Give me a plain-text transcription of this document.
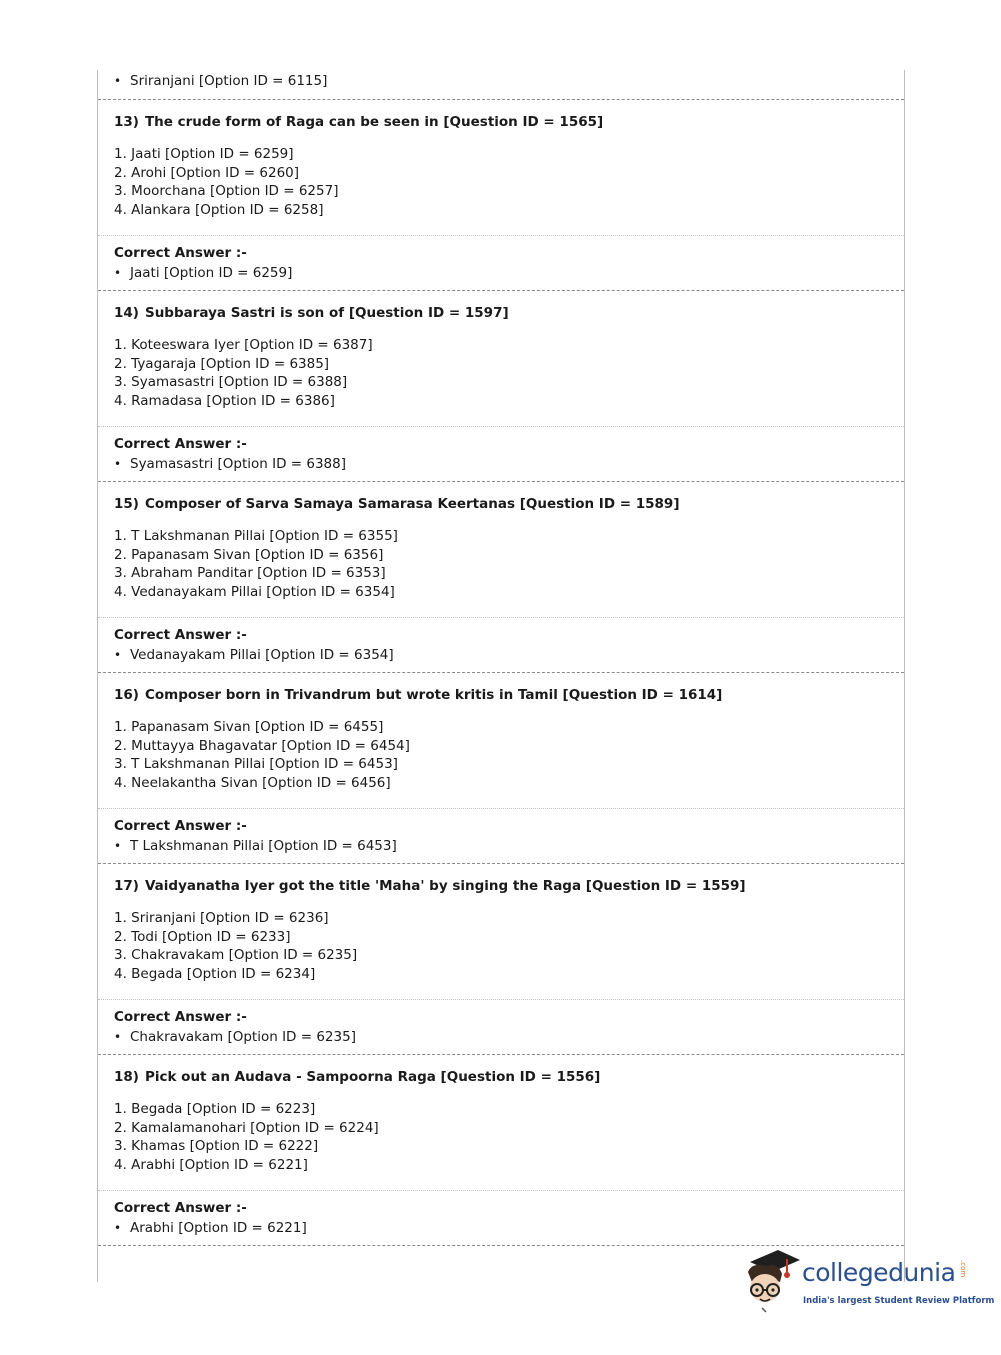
• Sriranjani [Option ID = 6115]
13) The crude form of Raga can be seen in [Question ID = 1565]
1. Jaati [Option ID = 6259]
2. Arohi [Option ID = 6260]
3. Moorchana [Option ID = 6257]
4. Alankara [Option ID = 6258]
Correct Answer :-
• Jaati [Option ID = 6259]
14) Subbaraya Sastri is son of [Question ID = 1597]
1. Koteeswara Iyer [Option ID = 6387]
2. Tyagaraja [Option ID = 6385]
3. Syamasastri [Option ID = 6388]
4. Ramadasa [Option ID = 6386]
Correct Answer :-
• Syamasastri [Option ID = 6388]
15) Composer of Sarva Samaya Samarasa Keertanas [Question ID = 1589]
1. T Lakshmanan Pillai [Option ID = 6355]
2. Papanasam Sivan [Option ID = 6356]
3. Abraham Panditar [Option ID = 6353]
4. Vedanayakam Pillai [Option ID = 6354]
Correct Answer :-
• Vedanayakam Pillai [Option ID = 6354]
16) Composer born in Trivandrum but wrote kritis in Tamil [Question ID = 1614]
1. Papanasam Sivan [Option ID = 6455]
2. Muttayya Bhagavatar [Option ID = 6454]
3. T Lakshmanan Pillai [Option ID = 6453]
4. Neelakantha Sivan [Option ID = 6456]
Correct Answer :-
• T Lakshmanan Pillai [Option ID = 6453]
17) Vaidyanatha Iyer got the title 'Maha' by singing the Raga [Question ID = 1559]
1. Sriranjani [Option ID = 6236]
2. Todi [Option ID = 6233]
3. Chakravakam [Option ID = 6235]
4. Begada [Option ID = 6234]
Correct Answer :-
• Chakravakam [Option ID = 6235]
18) Pick out an Audava - Sampoorna Raga [Question ID = 1556]
1. Begada [Option ID = 6223]
2. Kamalamanohari [Option ID = 6224]
3. Khamas [Option ID = 6222]
4. Arabhi [Option ID = 6221]
Correct Answer :-
• Arabhi [Option ID = 6221]
collegedunia .com
India's largest Student Review Platform
